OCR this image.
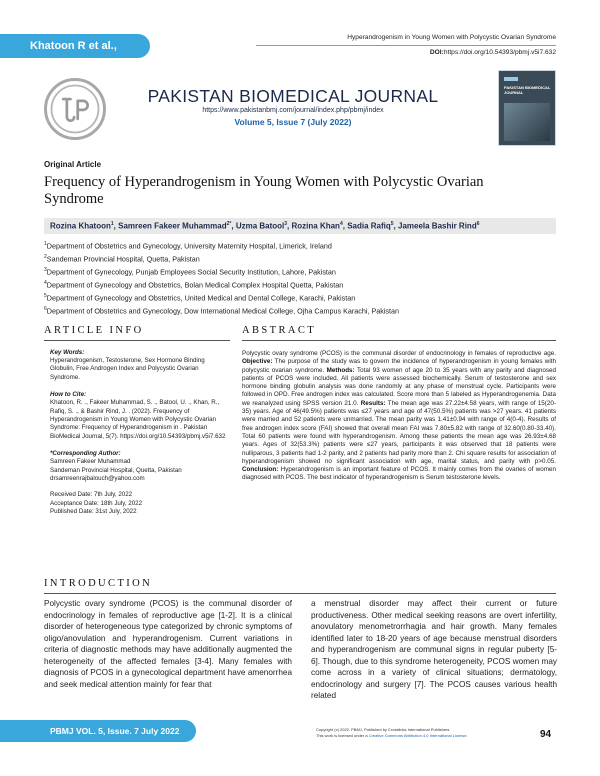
Khatoon R et al.,
Hyperandrogenism in Young Women with Polycystic Ovarian Syndrome
DOI:https://doi.org/10.54393/pbmj.v5i7.632
PAKISTAN BIOMEDICAL JOURNAL
https://www.pakistanbmj.com/journal/index.php/pbmj/index
Volume 5, Issue 7 (July 2022)
PAKISTAN BIOMEDICAL JOURNAL
Original Article
Frequency of Hyperandrogenism in Young Women with Polycystic Ovarian Syndrome
Rozina Khatoon$^1$, Samreen Fakeer Muhammad$^{2*}$, Uzma Batool$^3$, Rozina Khan$^4$, Sadia Rafiq$^5$, Jameela Bashir Rind$^6$
$^1$Department of Obstetrics and Gynecology, University Maternity Hospital, Limerick, Ireland
$^2$Sandeman Provincial Hospital, Quetta, Pakistan
$^3$Department of Gynecology, Punjab Employees Social Security Institution, Lahore, Pakistan
$^4$Department of Gynecology and Obstetrics, Bolan Medical Complex Hospital Quetta, Pakistan
$^5$Department of Gynecology and Obstetrics, United Medical and Dental College, Karachi, Pakistan
$^6$Department of Obstetrics and Gynecology, Dow International Medical College, Ojha Campus Karachi, Pakistan
ARTICLE INFO	ABSTRACT
Key Words:
Hyperandrogenism, Testosterone, Sex Hormone Binding Globulin, Free Androgen Index and Polycystic Ovarian Syndrome.
How to Cite:
Khatoon, R. ., Fakeer Muhammad, S. ., Batool, U. ., Khan, R., Rafiq, S. ., & Bashir Rind, J. . (2022). Frequency of Hyperandrogenism in Young Women with Polycystic Ovarian Syndrome: Frequency of Hyperandrogenism in . Pakistan BioMedical Journal, 5(7). https://doi.org/10.54393/pbmj.v5i7.632
*Corresponding Author:
Samreen Fakeer Muhammad
Sandeman Provincial Hospital, Quetta, Pakistan
drsamreenrajbalouch@yahoo.com
Received Date: 7th July, 2022
Acceptance Date: 18th July, 2022
Published Date: 31st July, 2022
Polycystic ovary syndrome (PCOS) is the communal disorder of endocrinology in females of reproductive age. Objective: The purpose of the study was to govern the incidence of hyperandrogenism in young females with polycystic ovarian syndrome. Methods: Total 93 women of age 20 to 35 years with any parity and diagnosed patients of PCOS were included. All patients were assessed biochemically. Serum of testosterone and sex hormone binding globulin analysis was done randomly at any phase of menstrual cycle. Participants were followed in OPD. Free androgen index was calculated. Score more than 5 labeled as Hyperandrogenemia. Data we reanalyzed using SPSS version 21.0. Results: The mean age was 27.22±4.58 years, with range of 15(20-35) years. Age of 46(49.5%) patients was ≤27 years and age of 47(50.5%) patients was >27 years. 41 patients were married and 52 patients were unmarried. The mean parity was 1.41±0.94 with range of 4(0-4). Results of free androgen index score (FAI) showed that overall mean FAI was 7.80±5.82 with range of 32.60(0.80-33.40). Total 60 patients were found with hyperandrogenism. Among these patients the mean age was 26.93±4.68 years. Ages of 32(53.3%) patients were ≤27 years, participants it was observed that 18 patients were nulliparous, 3 patients had 1-2 parity, and 2 patients had parity more than 2. Chi square results for association of hyperandrogenism showed no significant association with age, marital status, and parity with p>0.05. Conclusion: Hyperandrogenism is an important feature of PCOS. It mainly comes from the ovaries of women diagnosed with PCOS. The best indicator of hyperandrogenism is Serum testosterone levels.
INTRODUCTION
Polycystic ovary syndrome (PCOS) is the communal disorder of endocrinology in females of reproductive age [1-2]. It is a clinical disorder of heterogeneous type categorized by chronic symptoms of oligo/anovulation and hyperandrogenism. Current variations in criteria of diagnostic methods may have additionally augmented the heterogeneity of the affected females [3-4]. Many females with diagnosis of PCOS in a gynecological department have amenorrhea and seek medical attention mainly for fear that
a menstrual disorder may affect their current or future productiveness. Other medical seeking reasons are overt infertility, anovulatory menometrorrhagia and hair growth. Many females identified later to 18-20 years of age because menstrual disorders and hyperandrogenism are communal signs in regular puberty [5-6]. Though, due to this syndrome heterogeneity, PCOS women may come across in a variety of clinical situations; dermatology, endocrinology and surgery [7]. The PCOS causes various health related
PBMJ VOL. 5, Issue. 7 July 2022	Copyright (c) 2022. PBMJ, Published by Crosslinks International Publishers
This work is licensed under a Creative Commons Attribution 4.0 International License.	94
